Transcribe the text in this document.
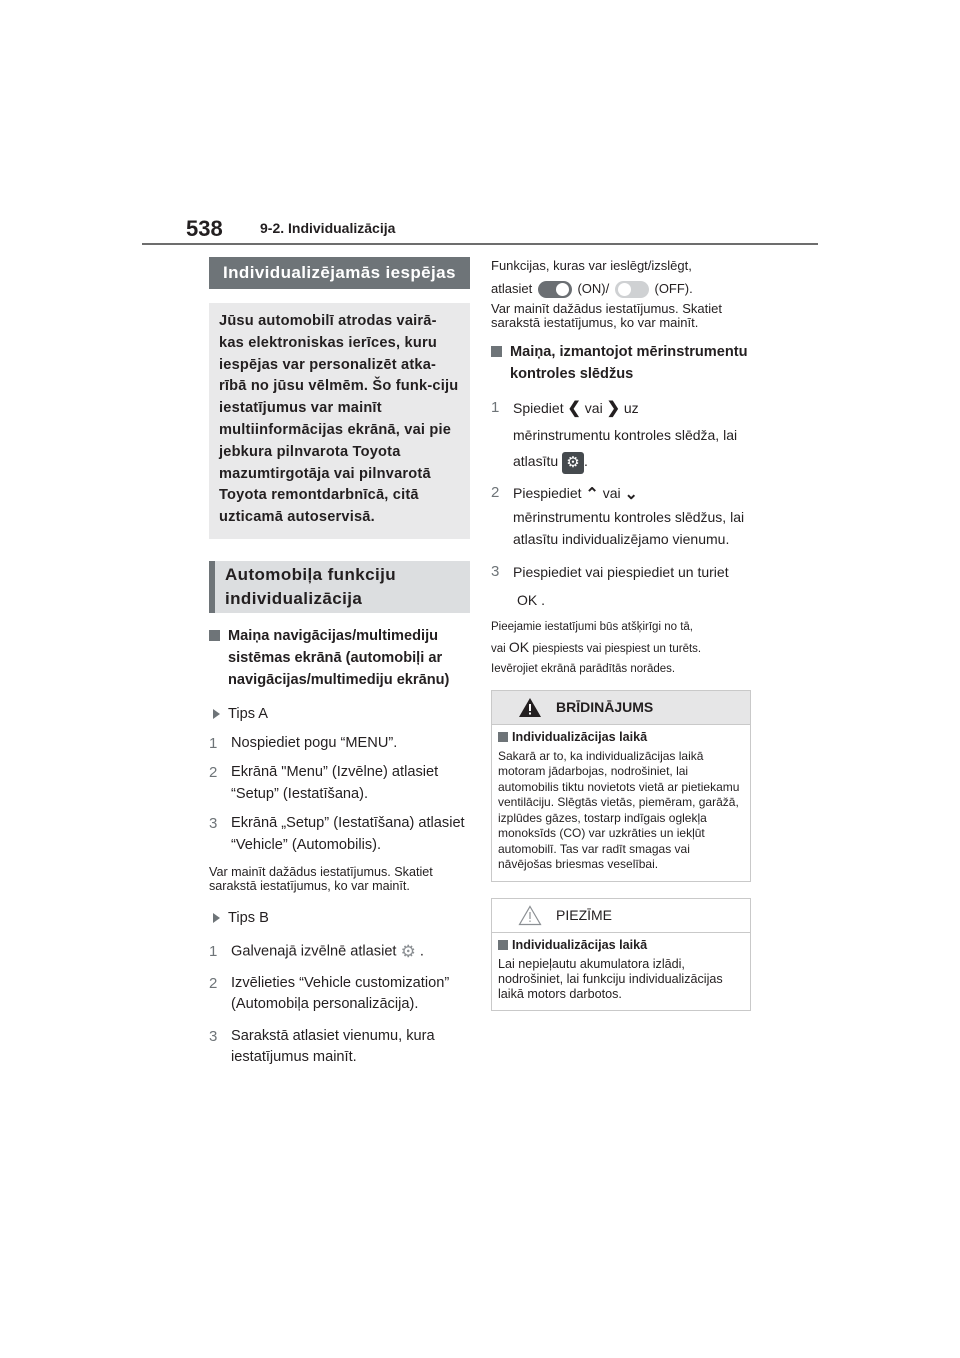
538	9-2. Individualizācija
Individualizējamās iespējas
Jūsu automobilī atrodas vairā-kas elektroniskas ierīces, kuru iespējas var personalizēt atka-rībā no jūsu vēlmēm. Šo funk-ciju iestatījumus var mainīt multiinformācijas ekrānā, vai pie jebkura pilnvarota Toyota mazumtirgotāja vai pilnvarotā Toyota remontdarbnīcā, citā uzticamā autoservisā.
Automobiļa funkciju individualizācija
Maiņa navigācijas/multimediju sistēmas ekrānā (automobiļi ar navigācijas/multimediju ekrānu)
Tips A
1 Nospiediet pogu “MENU”.
2 Ekrānā "Menu” (Izvēlne) atlasiet “Setup” (Iestatīšana).
3 Ekrānā „Setup” (Iestatīšana) atlasiet “Vehicle” (Automobilis).
Var mainīt dažādus iestatījumus. Skatiet sarakstā iestatījumus, ko var mainīt.
Tips B
1 Galvenajā izvēlnē atlasiet ⚙ .
2 Izvēlieties “Vehicle customization” (Automobiļa personalizācija).
3 Sarakstā atlasiet vienumu, kura iestatījumus mainīt.
Funkcijas, kuras var ieslēgt/izslēgt,
atlasiet	(ON)/	(OFF).
Var mainīt dažādus iestatījumus. Skatiet sarakstā iestatījumus, ko var mainīt.
Maiņa, izmantojot mērinstrumentu kontroles slēdžus
1 Spiediet ❮ vai ❯ uz
mērinstrumentu kontroles slēdža, lai
atlasītu ⚙ .
2 Piespiediet ⌃ vai ⌄
mērinstrumentu kontroles slēdžus, lai atlasītu individualizējamo vienumu.
3 Piespiediet vai piespiediet un turiet
OK .
Pieejamie iestatījumi būs atšķirīgi no tā,
vai OK piespiests vai piespiest un turēts.
Ievērojiet ekrānā parādītās norādes.
BRĪDINĀJUMS
Individualizācijas laikā
Sakarā ar to, ka individualizācijas laikā motoram jādarbojas, nodrošiniet, lai automobilis tiktu novietots vietā ar pietiekamu ventilāciju. Slēgtās vietās, piemēram, garāžā, izplūdes gāzes, tostarp indīgais oglekļa monoksīds (CO) var uzkrāties un iekļūt automobilī. Tas var radīt smagas vai nāvējošas briesmas veselībai.
PIEZĪME
Individualizācijas laikā
Lai nepieļautu akumulatora izlādi, nodrošiniet, lai funkciju individualizācijas laikā motors darbotos.
